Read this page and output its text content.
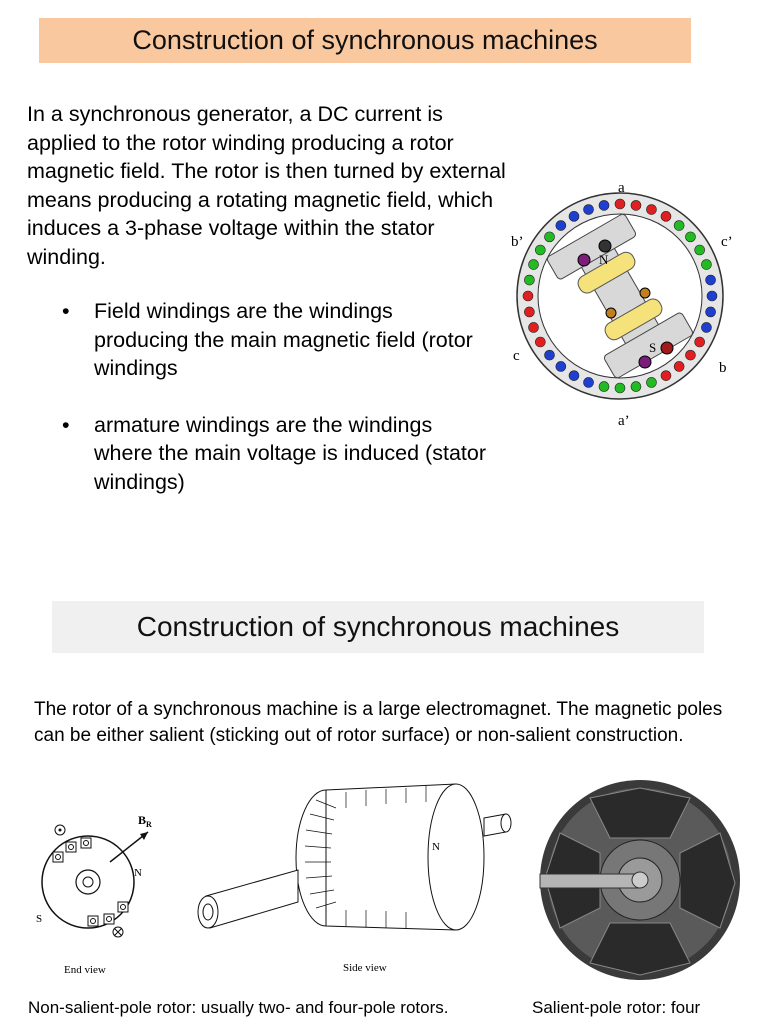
Construction of synchronous machines
In a synchronous generator, a DC current is applied to the rotor winding producing a rotor magnetic field. The rotor is then turned by external means producing a rotating magnetic field, which induces a 3-phase voltage within the stator winding.
•	Field windings are the windings producing the main magnetic field (rotor windings
•	armature windings are the windings where the main voltage is induced (stator windings)
N
S
a
a’
b’
b
c’
c
Construction of synchronous machines
The rotor of a synchronous machine is a large electromagnet. The magnetic poles can be either salient (sticking out of rotor surface) or non-salient construction.
$B_R$
N
S
End view
N
Side view
Non-salient-pole rotor: usually two- and four-pole rotors.	Salient-pole rotor: four
